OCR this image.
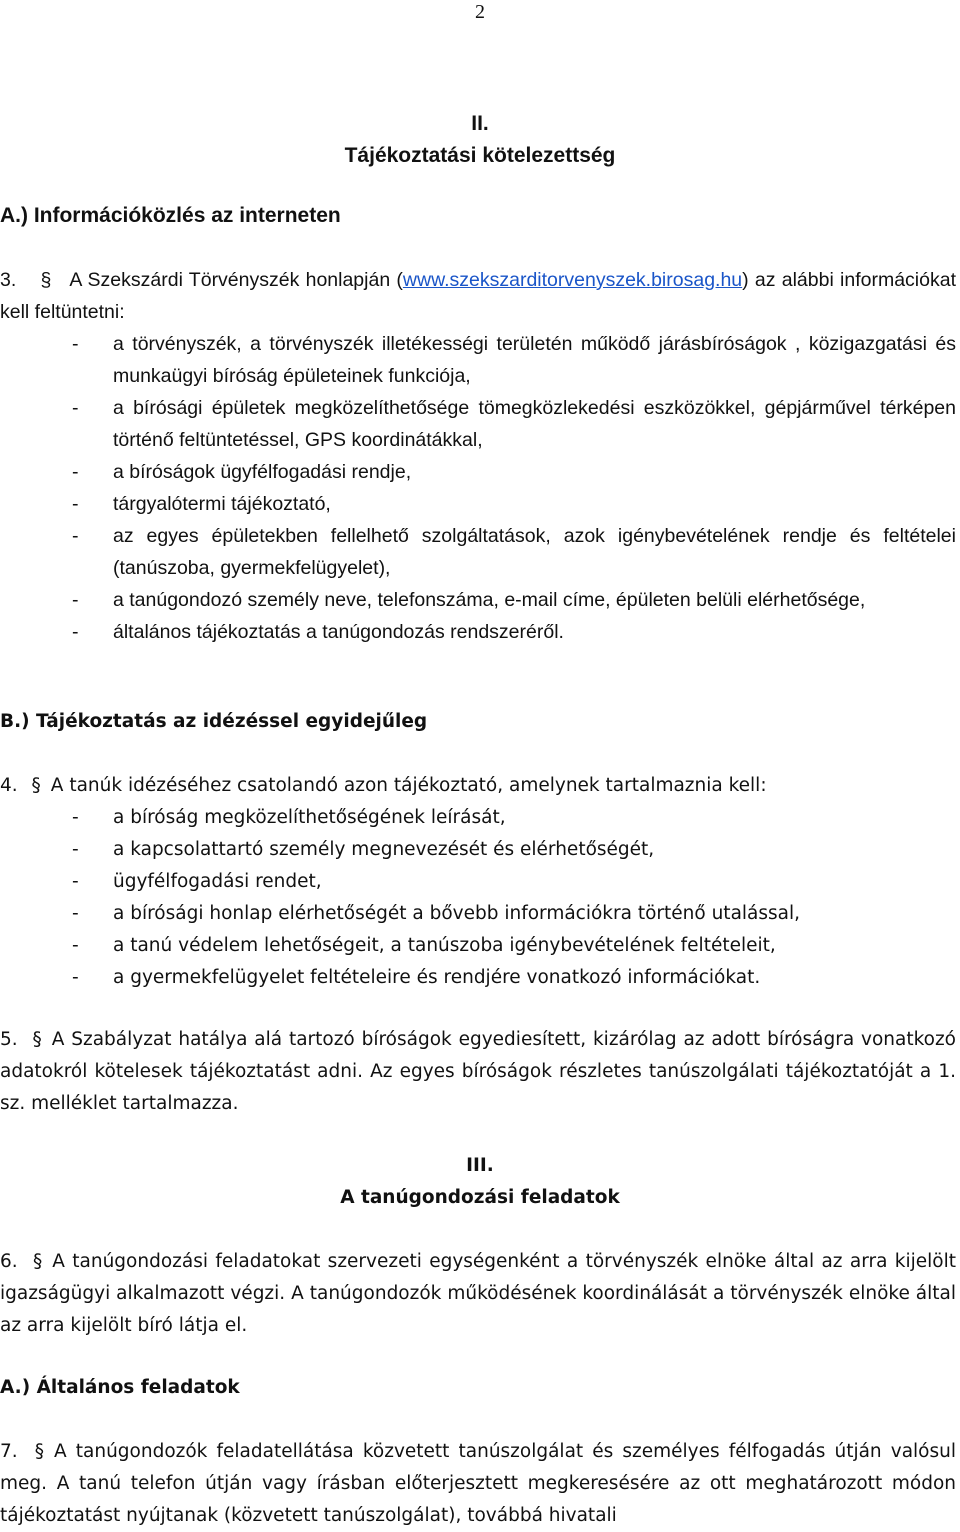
2
II.
Tájékoztatási kötelezettség
A.) Információközlés az interneten
3. § A Szekszárdi Törvényszék honlapján (www.szekszarditorvenyszek.birosag.hu) az alábbi információkat kell feltüntetni:
-	a törvényszék, a törvényszék illetékességi területén működő járásbíróságok , közigazgatási és munkaügyi bíróság épületeinek funkciója,
-	a bírósági épületek megközelíthetősége tömegközlekedési eszközökkel, gépjárművel térképen történő feltüntetéssel, GPS koordinátákkal,
-	a bíróságok ügyfélfogadási rendje,
-	tárgyalótermi tájékoztató,
-	az egyes épületekben fellelhető szolgáltatások, azok igénybevételének rendje és feltételei (tanúszoba, gyermekfelügyelet),
-	a tanúgondozó személy neve, telefonszáma, e-mail címe, épületen belüli elérhetősége,
-	általános tájékoztatás a tanúgondozás rendszeréről.
B.) Tájékoztatás az idézéssel egyidejűleg
4. § A tanúk idézéséhez csatolandó azon tájékoztató, amelynek tartalmaznia kell:
-	a bíróság megközelíthetőségének leírását,
-	a kapcsolattartó személy megnevezését és elérhetőségét,
-	ügyfélfogadási rendet,
-	a bírósági honlap elérhetőségét a bővebb információkra történő utalással,
-	a tanú védelem lehetőségeit, a tanúszoba igénybevételének feltételeit,
-	a gyermekfelügyelet feltételeire és rendjére vonatkozó információkat.
5. § A Szabályzat hatálya alá tartozó bíróságok egyediesített, kizárólag az adott bíróságra vonatkozó adatokról kötelesek tájékoztatást adni. Az egyes bíróságok részletes tanúszolgálati tájékoztatóját a 1. sz. melléklet tartalmazza.
III.
A tanúgondozási feladatok
6. § A tanúgondozási feladatokat szervezeti egységenként a törvényszék elnöke által az arra kijelölt igazságügyi alkalmazott végzi. A tanúgondozók működésének koordinálását a törvényszék elnöke által az arra kijelölt bíró látja el.
A.) Általános feladatok
7. § A tanúgondozók feladatellátása közvetett tanúszolgálat és személyes félfogadás útján valósul meg. A tanú telefon útján vagy írásban előterjesztett megkeresésére az ott meghatározott módon tájékoztatást nyújtanak (közvetett tanúszolgálat), továbbá hivatali
